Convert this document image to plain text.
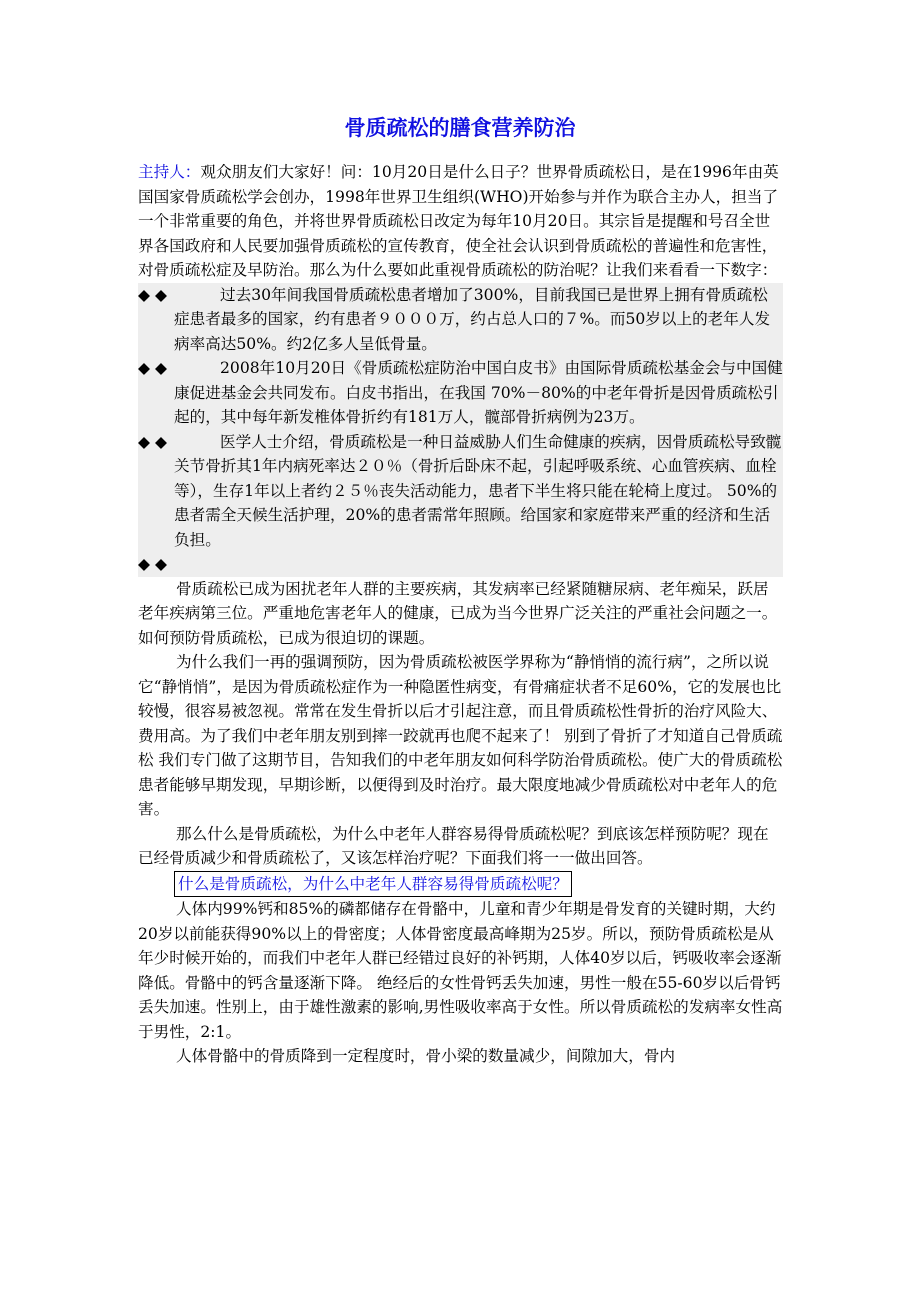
骨质疏松的膳食营养防治

主持人：观众朋友们大家好！问：10月20日是什么日子？世界骨质疏松日，是在1996年由英国国家骨质疏松学会创办，1998年世界卫生组织(WHO)开始参与并作为联合主办人，担当了一个非常重要的角色，并将世界骨质疏松日改定为每年10月20日。其宗旨是提醒和号召全世界各国政府和人民要加强骨质疏松的宣传教育，使全社会认识到骨质疏松的普遍性和危害性，对骨质疏松症及早防治。那么为什么要如此重视骨质疏松的防治呢？让我们来看看一下数字：

◆ ◆	过去30年间我国骨质疏松患者增加了300%，目前我国已是世界上拥有骨质疏松症患者最多的国家，约有患者９０００万，约占总人口的７%。而50岁以上的老年人发病率高达50%。约2亿多人呈低骨量。

◆ ◆	2008年10月20日《骨质疏松症防治中国白皮书》由国际骨质疏松基金会与中国健康促进基金会共同发布。白皮书指出，在我国 70%－80%的中老年骨折是因骨质疏松引起的，其中每年新发椎体骨折约有181万人，髋部骨折病例为23万。

◆ ◆	医学人士介绍，骨质疏松是一种日益威胁人们生命健康的疾病，因骨质疏松导致髋关节骨折其1年内病死率达２０％（骨折后卧床不起，引起呼吸系统、心血管疾病、血栓等），生存1年以上者约２５％丧失活动能力，患者下半生将只能在轮椅上度过。 50%的患者需全天候生活护理，20%的患者需常年照顾。给国家和家庭带来严重的经济和生活负担。

◆ ◆

骨质疏松已成为困扰老年人群的主要疾病，其发病率已经紧随糖尿病、老年痴呆，跃居老年疾病第三位。严重地危害老年人的健康，已成为当今世界广泛关注的严重社会问题之一。如何预防骨质疏松，已成为很迫切的课题。

为什么我们一再的强调预防，因为骨质疏松被医学界称为“静悄悄的流行病”，之所以说它“静悄悄”，是因为骨质疏松症作为一种隐匿性病变，有骨痛症状者不足60%，它的发展也比较慢，很容易被忽视。常常在发生骨折以后才引起注意，而且骨质疏松性骨折的治疗风险大、费用高。为了我们中老年朋友别到摔一跤就再也爬不起来了！ 别到了骨折了才知道自己骨质疏松 我们专门做了这期节目，告知我们的中老年朋友如何科学防治骨质疏松。使广大的骨质疏松患者能够早期发现，早期诊断，以便得到及时治疗。最大限度地减少骨质疏松对中老年人的危害。

那么什么是骨质疏松，为什么中老年人群容易得骨质疏松呢？到底该怎样预防呢？现在已经骨质减少和骨质疏松了，又该怎样治疗呢？下面我们将一一做出回答。

什么是骨质疏松，为什么中老年人群容易得骨质疏松呢？

人体内99%钙和85%的磷都储存在骨骼中，儿童和青少年期是骨发育的关键时期，大约20岁以前能获得90%以上的骨密度；人体骨密度最高峰期为25岁。所以，预防骨质疏松是从年少时候开始的，而我们中老年人群已经错过良好的补钙期，人体40岁以后，钙吸收率会逐渐降低。骨骼中的钙含量逐渐下降。 绝经后的女性骨钙丢失加速，男性一般在55-60岁以后骨钙丢失加速。性别上，由于雄性激素的影响,男性吸收率高于女性。所以骨质疏松的发病率女性高于男性，2:1。

人体骨骼中的骨质降到一定程度时，骨小梁的数量减少，间隙加大，骨内
